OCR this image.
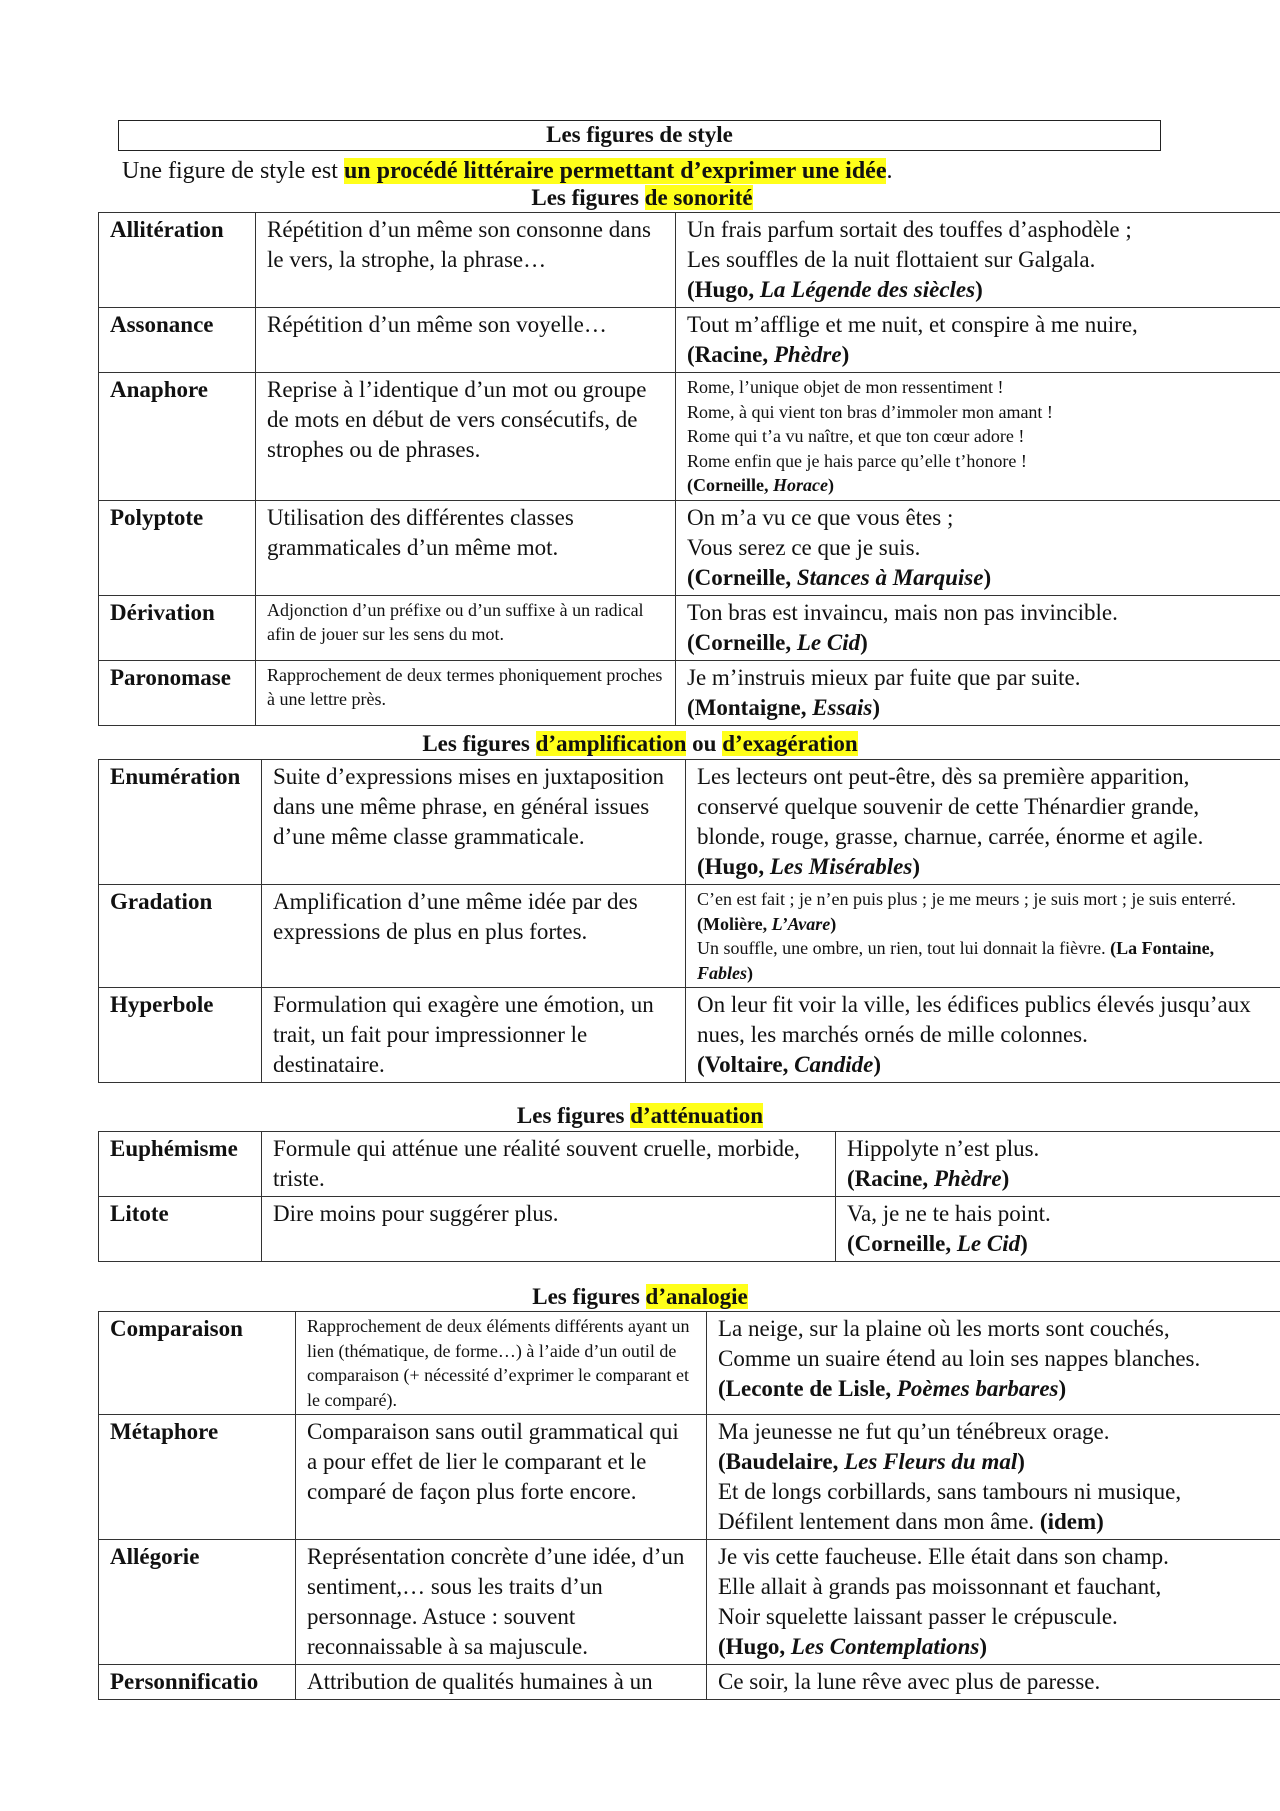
Les figures de style
Une figure de style est un procédé littéraire permettant d’exprimer une idée.
Les figures de sonorité
Allitération	Répétition d’un même son consonne dans le vers, la strophe, la phrase…	Un frais parfum sortait des touffes d’asphodèle ;
Les souffles de la nuit flottaient sur Galgala.
(Hugo, La Légende des siècles)
Assonance	Répétition d’un même son voyelle…	Tout m’afflige et me nuit, et conspire à me nuire,
(Racine, Phèdre)
Anaphore	Reprise à l’identique d’un mot ou groupe de mots en début de vers consécutifs, de strophes ou de phrases.	Rome, l’unique objet de mon ressentiment !
Rome, à qui vient ton bras d’immoler mon amant !
Rome qui t’a vu naître, et que ton cœur adore !
Rome enfin que je hais parce qu’elle t’honore !
(Corneille, Horace)
Polyptote	Utilisation des différentes classes grammaticales d’un même mot.	On m’a vu ce que vous êtes ;
Vous serez ce que je suis.
(Corneille, Stances à Marquise)
Dérivation	Adjonction d’un préfixe ou d’un suffixe à un radical afin de jouer sur les sens du mot.	Ton bras est invaincu, mais non pas invincible.
(Corneille, Le Cid)
Paronomase	Rapprochement de deux termes phoniquement proches à une lettre près.	Je m’instruis mieux par fuite que par suite.
(Montaigne, Essais)
Les figures d’amplification ou d’exagération
Enumération	Suite d’expressions mises en juxtaposition dans une même phrase, en général issues d’une même classe grammaticale.	Les lecteurs ont peut-être, dès sa première apparition, conservé quelque souvenir de cette Thénardier grande, blonde, rouge, grasse, charnue, carrée, énorme et agile.
(Hugo, Les Misérables)
Gradation	Amplification d’une même idée par des expressions de plus en plus fortes.	C’en est fait ; je n’en puis plus ; je me meurs ; je suis mort ; je suis enterré. (Molière, L’Avare)
Un souffle, une ombre, un rien, tout lui donnait la fièvre. (La Fontaine, Fables)
Hyperbole	Formulation qui exagère une émotion, un trait, un fait pour impressionner le destinataire.	On leur fit voir la ville, les édifices publics élevés jusqu’aux nues, les marchés ornés de mille colonnes.
(Voltaire, Candide)
Les figures d’atténuation
Euphémisme	Formule qui atténue une réalité souvent cruelle, morbide, triste.	Hippolyte n’est plus.
(Racine, Phèdre)
Litote	Dire moins pour suggérer plus.	Va, je ne te hais point.
(Corneille, Le Cid)
Les figures d’analogie
Comparaison	Rapprochement de deux éléments différents ayant un lien (thématique, de forme…) à l’aide d’un outil de comparaison (+ nécessité d’exprimer le comparant et le comparé).	La neige, sur la plaine où les morts sont couchés,
Comme un suaire étend au loin ses nappes blanches.
(Leconte de Lisle, Poèmes barbares)
Métaphore	Comparaison sans outil grammatical qui a pour effet de lier le comparant et le comparé de façon plus forte encore.	Ma jeunesse ne fut qu’un ténébreux orage.
(Baudelaire, Les Fleurs du mal)
Et de longs corbillards, sans tambours ni musique,
Défilent lentement dans mon âme. (idem)
Allégorie	Représentation concrète d’une idée, d’un sentiment,… sous les traits d’un personnage. Astuce : souvent reconnaissable à sa majuscule.	Je vis cette faucheuse. Elle était dans son champ.
Elle allait à grands pas moissonnant et fauchant,
Noir squelette laissant passer le crépuscule.
(Hugo, Les Contemplations)
Personnificatio	Attribution de qualités humaines à un	Ce soir, la lune rêve avec plus de paresse.
